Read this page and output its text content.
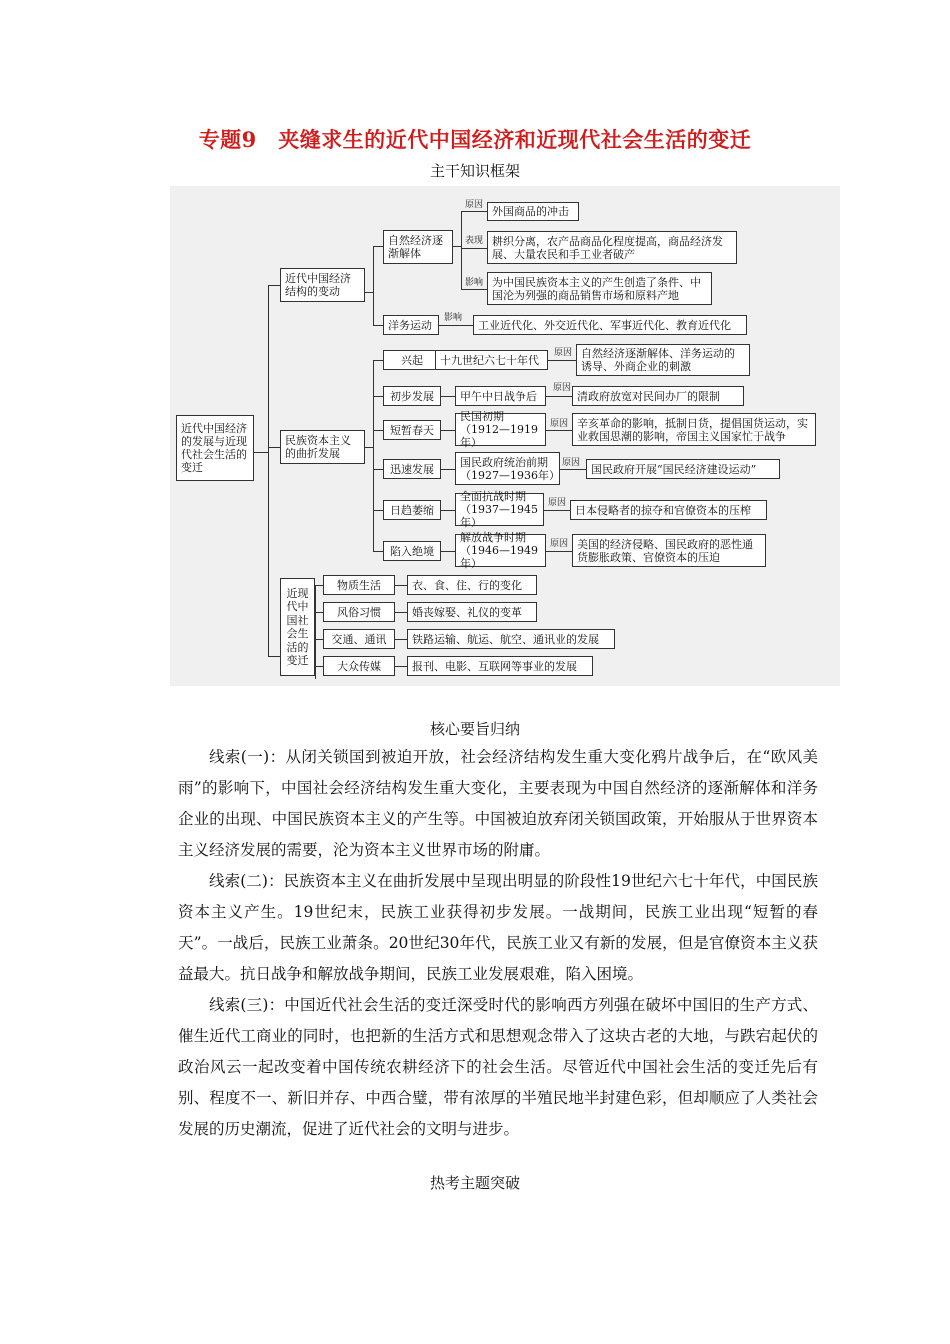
专题9　夹缝求生的近代中国经济和近现代社会生活的变迁
主干知识框架
近代中国经济的发展与近现代社会生活的变迁
近代中国经济结构的变动
自然经济逐渐解体
原因 外国商品的冲击
表现 耕织分离，农产品商品化程度提高，商品经济发展、大量农民和手工业者破产
影响 为中国民族资本主义的产生创造了条件、中国沦为列强的商品销售市场和原料产地
洋务运动
影响
工业近代化、外交近代化、军事近代化、教育近代化
民族资本主义的曲折发展
兴起 十九世纪六七十年代
原因 自然经济逐渐解体、洋务运动的诱导、外商企业的刺激
初步发展 甲午中日战争后
原因
清政府放宽对民间办厂的限制
短暂春天
民国初期（1912—1919年）
原因 辛亥革命的影响，抵制日货，提倡国货运动，实业救国思潮的影响，帝国主义国家忙于战争
迅速发展
国民政府统治前期（1927—1936年）
原因 国民政府开展“国民经济建设运动”
日趋萎缩
全面抗战时期（1937—1945年）
原因
日本侵略者的掠夺和官僚资本的压榨
陷入绝境
解放战争时期（1946—1949年）
原因 美国的经济侵略、国民政府的恶性通货膨胀政策、官僚资本的压迫
近现代中国社会生活的变迁
物质生活	衣、食、住、行的变化
风俗习惯	婚丧嫁娶、礼仪的变革
交通、通讯 铁路运输、航运、航空、通讯业的发展
大众传媒	报刊、电影、互联网等事业的发展
核心要旨归纳
线索(一)：从闭关锁国到被迫开放，社会经济结构发生重大变化鸦片战争后，在“欧风美雨”的影响下，中国社会经济结构发生重大变化，主要表现为中国自然经济的逐渐解体和洋务企业的出现、中国民族资本主义的产生等。中国被迫放弃闭关锁国政策，开始服从于世界资本主义经济发展的需要，沦为资本主义世界市场的附庸。
线索(二)：民族资本主义在曲折发展中呈现出明显的阶段性19世纪六七十年代，中国民族资本主义产生。19世纪末，民族工业获得初步发展。一战期间，民族工业出现“短暂的春天”。一战后，民族工业萧条。20世纪30年代，民族工业又有新的发展，但是官僚资本主义获益最大。抗日战争和解放战争期间，民族工业发展艰难，陷入困境。
线索(三)：中国近代社会生活的变迁深受时代的影响西方列强在破坏中国旧的生产方式、催生近代工商业的同时，也把新的生活方式和思想观念带入了这块古老的大地，与跌宕起伏的政治风云一起改变着中国传统农耕经济下的社会生活。尽管近代中国社会生活的变迁先后有别、程度不一、新旧并存、中西合璧，带有浓厚的半殖民地半封建色彩，但却顺应了人类社会发展的历史潮流，促进了近代社会的文明与进步。
热考主题突破
